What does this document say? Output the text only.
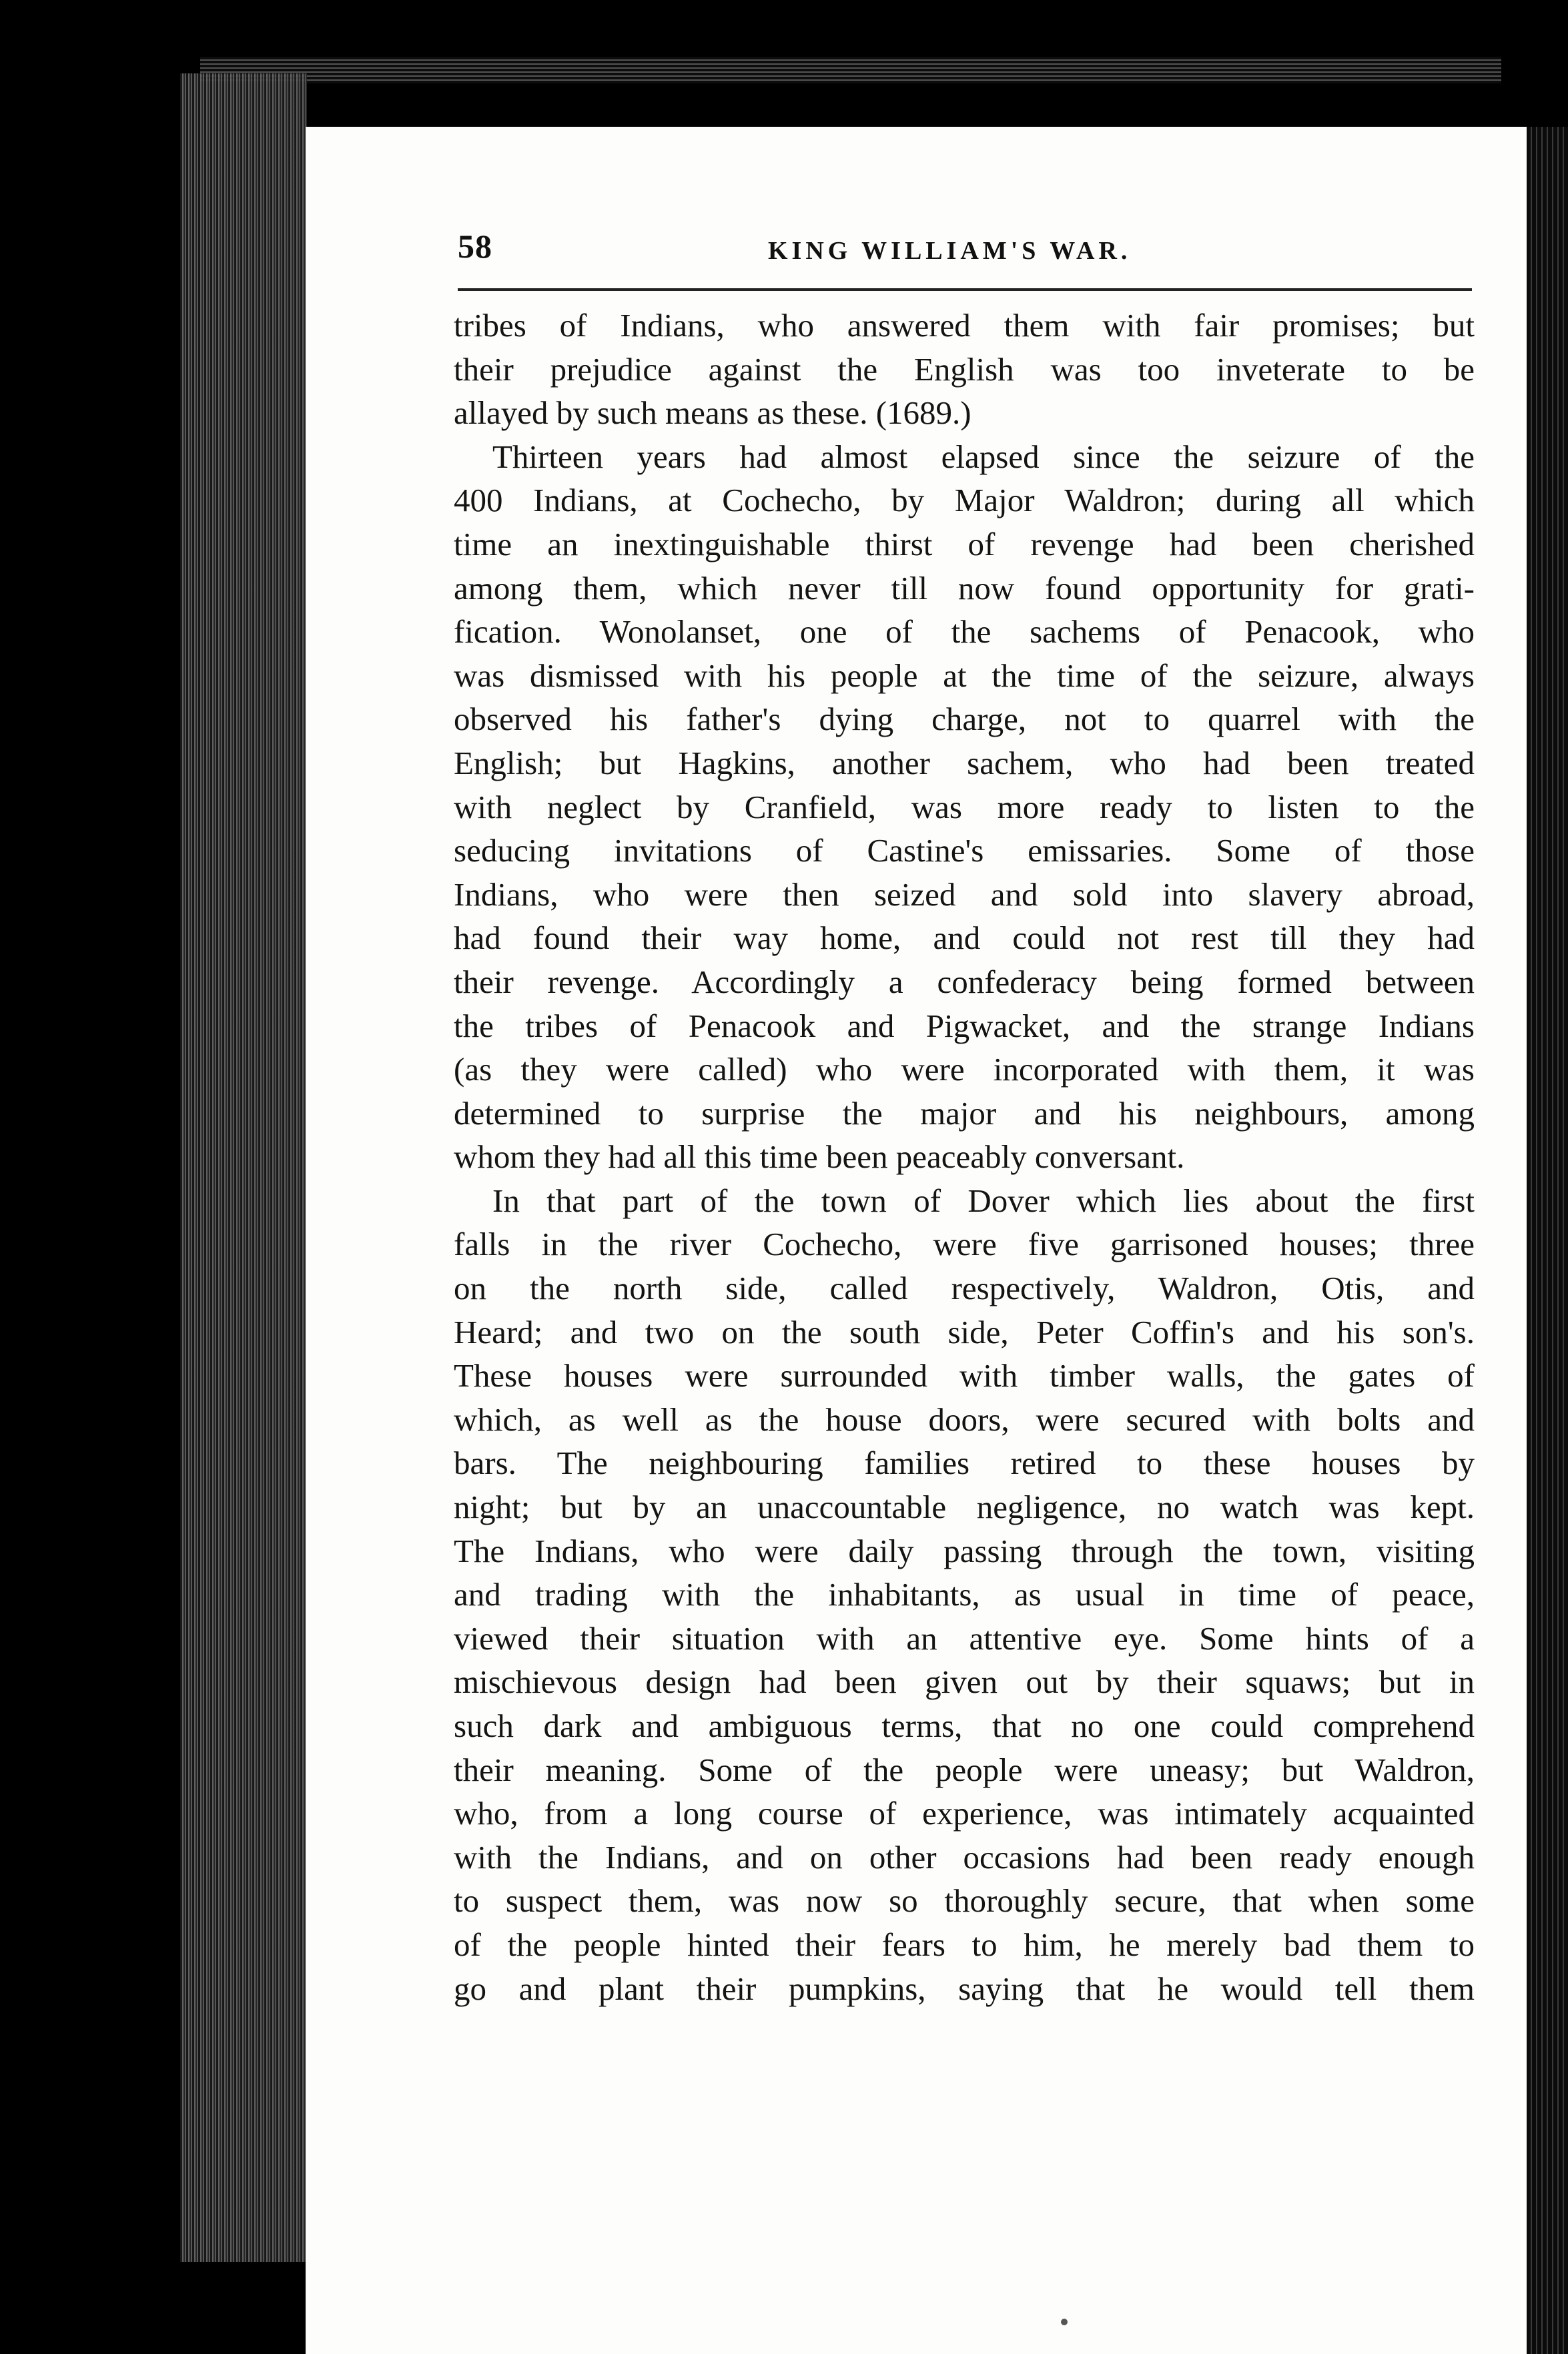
58	KING WILLIAM'S WAR.
tribes of Indians, who answered them with fair promises; but
their prejudice against the English was too inveterate to be
allayed by such means as these. (1689.)
Thirteen years had almost elapsed since the seizure of the
400 Indians, at Cochecho, by Major Waldron; during all which
time an inextinguishable thirst of revenge had been cherished
among them, which never till now found opportunity for grati-
fication. Wonolanset, one of the sachems of Penacook, who
was dismissed with his people at the time of the seizure, always
observed his father's dying charge, not to quarrel with the
English; but Hagkins, another sachem, who had been treated
with neglect by Cranfield, was more ready to listen to the
seducing invitations of Castine's emissaries. Some of those
Indians, who were then seized and sold into slavery abroad,
had found their way home, and could not rest till they had
their revenge. Accordingly a confederacy being formed between
the tribes of Penacook and Pigwacket, and the strange Indians
(as they were called) who were incorporated with them, it was
determined to surprise the major and his neighbours, among
whom they had all this time been peaceably conversant.
In that part of the town of Dover which lies about the first
falls in the river Cochecho, were five garrisoned houses; three
on the north side, called respectively, Waldron, Otis, and
Heard; and two on the south side, Peter Coffin's and his son's.
These houses were surrounded with timber walls, the gates of
which, as well as the house doors, were secured with bolts and
bars. The neighbouring families retired to these houses by
night; but by an unaccountable negligence, no watch was kept.
The Indians, who were daily passing through the town, visiting
and trading with the inhabitants, as usual in time of peace,
viewed their situation with an attentive eye. Some hints of a
mischievous design had been given out by their squaws; but in
such dark and ambiguous terms, that no one could comprehend
their meaning. Some of the people were uneasy; but Waldron,
who, from a long course of experience, was intimately acquainted
with the Indians, and on other occasions had been ready enough
to suspect them, was now so thoroughly secure, that when some
of the people hinted their fears to him, he merely bad them to
go and plant their pumpkins, saying that he would tell them
